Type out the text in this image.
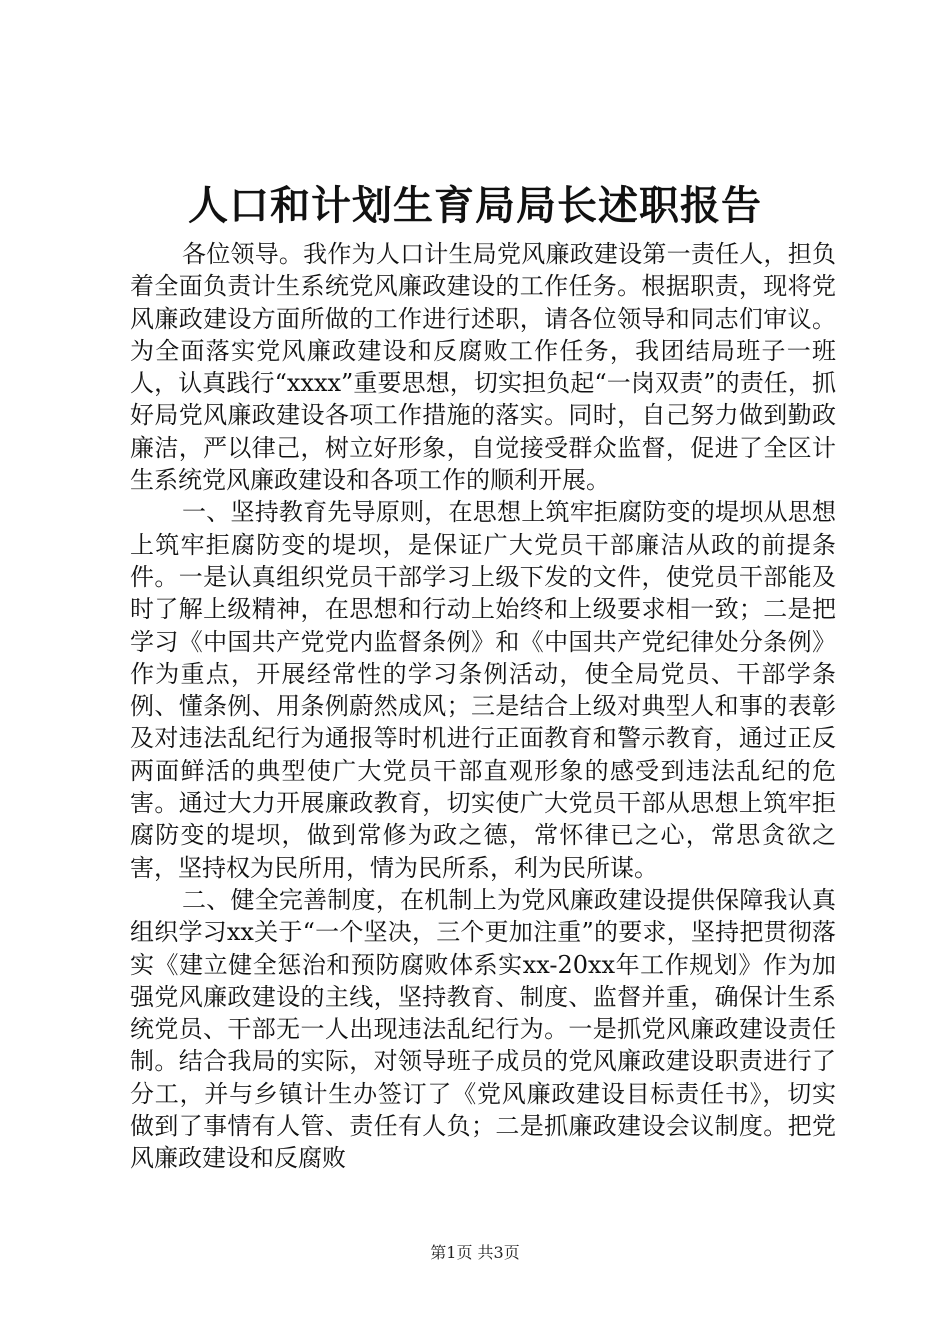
人口和计划生育局局长述职报告

各位领导。我作为人口计生局党风廉政建设第一责任人，担负着全面负责计生系统党风廉政建设的工作任务。根据职责，现将党风廉政建设方面所做的工作进行述职，请各位领导和同志们审议。为全面落实党风廉政建设和反腐败工作任务，我团结局班子一班人，认真践行“xxxx”重要思想，切实担负起“一岗双责”的责任，抓好局党风廉政建设各项工作措施的落实。同时，自己努力做到勤政廉洁，严以律己，树立好形象，自觉接受群众监督，促进了全区计生系统党风廉政建设和各项工作的顺利开展。

一、坚持教育先导原则，在思想上筑牢拒腐防变的堤坝从思想上筑牢拒腐防变的堤坝，是保证广大党员干部廉洁从政的前提条件。一是认真组织党员干部学习上级下发的文件，使党员干部能及时了解上级精神，在思想和行动上始终和上级要求相一致；二是把学习《中国共产党党内监督条例》和《中国共产党纪律处分条例》作为重点，开展经常性的学习条例活动，使全局党员、干部学条例、懂条例、用条例蔚然成风；三是结合上级对典型人和事的表彰及对违法乱纪行为通报等时机进行正面教育和警示教育，通过正反两面鲜活的典型使广大党员干部直观形象的感受到违法乱纪的危害。通过大力开展廉政教育，切实使广大党员干部从思想上筑牢拒腐防变的堤坝，做到常修为政之德，常怀律已之心，常思贪欲之害，坚持权为民所用，情为民所系，利为民所谋。

二、健全完善制度，在机制上为党风廉政建设提供保障我认真组织学习xx关于“一个坚决，三个更加注重”的要求，坚持把贯彻落实《建立健全惩治和预防腐败体系实xx-20xx年工作规划》作为加强党风廉政建设的主线，坚持教育、制度、监督并重，确保计生系统党员、干部无一人出现违法乱纪行为。一是抓党风廉政建设责任制。结合我局的实际，对领导班子成员的党风廉政建设职责进行了分工，并与乡镇计生办签订了《党风廉政建设目标责任书》，切实做到了事情有人管、责任有人负；二是抓廉政建设会议制度。把党风廉政建设和反腐败

第1页 共3页
